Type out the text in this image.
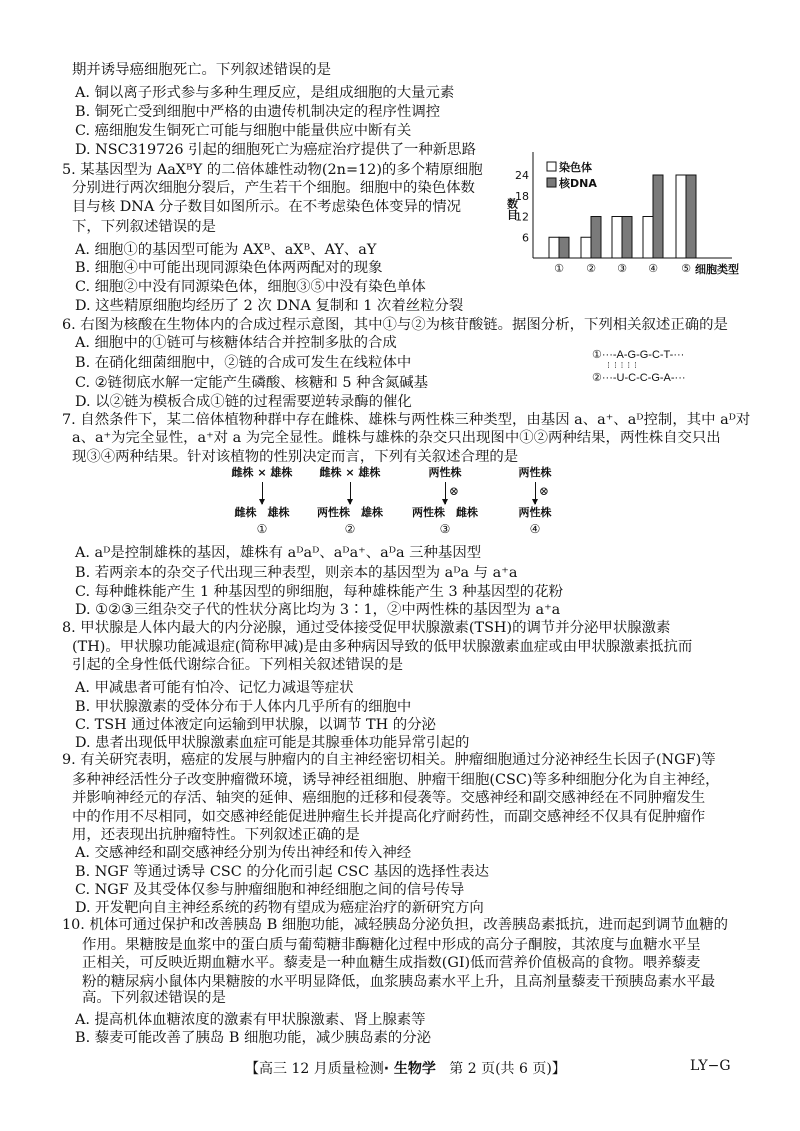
期并诱导癌细胞死亡。下列叙述错误的是
A. 铜以离子形式参与多种生理反应，是组成细胞的大量元素
B. 铜死亡受到细胞中严格的由遗传机制决定的程序性调控
C. 癌细胞发生铜死亡可能与细胞中能量供应中断有关
D. NSC319726 引起的细胞死亡为癌症治疗提供了一种新思路
5. 某基因型为 AaXᴮY 的二倍体雄性动物(2n=12)的多个精原细胞
分别进行两次细胞分裂后，产生若干个细胞。细胞中的染色体数
目与核 DNA 分子数目如图所示。在不考虑染色体变异的情况
下，下列叙述错误的是
A. 细胞①的基因型可能为 AXᴮ、aXᴮ、AY、aY
B. 细胞④中可能出现同源染色体两两配对的现象
C. 细胞②中没有同源染色体，细胞③⑤中没有染色单体
D. 这些精原细胞均经历了 2 次 DNA 复制和 1 次着丝粒分裂
6. 右图为核酸在生物体内的合成过程示意图，其中①与②为核苷酸链。据图分析，下列相关叙述正确的是
A. 细胞中的①链可与核糖体结合并控制多肽的合成
B. 在硝化细菌细胞中，②链的合成可发生在线粒体中
C. ②链彻底水解一定能产生磷酸、核糖和 5 种含氮碱基
D. 以②链为模板合成①链的过程需要逆转录酶的催化
7. 自然条件下，某二倍体植物种群中存在雌株、雄株与两性株三种类型，由基因 a、a⁺、aᴰ控制，其中 aᴰ对
a、a⁺为完全显性，a⁺对 a 为完全显性。雌株与雄株的杂交只出现图中①②两种结果，两性株自交只出
现③④两种结果。针对该植物的性别决定而言，下列有关叙述合理的是
A. aᴰ是控制雄株的基因，雄株有 aᴰaᴰ、aᴰa⁺、aᴰa 三种基因型
B. 若两亲本的杂交子代出现三种表型，则亲本的基因型为 aᴰa 与 a⁺a
C. 每种雌株能产生 1 种基因型的卵细胞，每种雄株能产生 3 种基因型的花粉
D. ①②③三组杂交子代的性状分离比均为 3∶1，②中两性株的基因型为 a⁺a
8. 甲状腺是人体内最大的内分泌腺，通过受体接受促甲状腺激素(TSH)的调节并分泌甲状腺激素
(TH)。甲状腺功能减退症(简称甲减)是由多种病因导致的低甲状腺激素血症或由甲状腺激素抵抗而
引起的全身性低代谢综合征。下列相关叙述错误的是
A. 甲减患者可能有怕冷、记忆力减退等症状
B. 甲状腺激素的受体分布于人体内几乎所有的细胞中
C. TSH 通过体液定向运输到甲状腺，以调节 TH 的分泌
D. 患者出现低甲状腺激素血症可能是其腺垂体功能异常引起的
9. 有关研究表明，癌症的发展与肿瘤内的自主神经密切相关。肿瘤细胞通过分泌神经生长因子(NGF)等
多种神经活性分子改变肿瘤微环境，诱导神经祖细胞、肿瘤干细胞(CSC)等多种细胞分化为自主神经，
并影响神经元的存活、轴突的延伸、癌细胞的迁移和侵袭等。交感神经和副交感神经在不同肿瘤发生
中的作用不尽相同，如交感神经能促进肿瘤生长并提高化疗耐药性，而副交感神经不仅具有促肿瘤作
用，还表现出抗肿瘤特性。下列叙述正确的是
A. 交感神经和副交感神经分别为传出神经和传入神经
B. NGF 等通过诱导 CSC 的分化而引起 CSC 基因的选择性表达
C. NGF 及其受体仅参与肿瘤细胞和神经细胞之间的信号传导
D. 开发靶向自主神经系统的药物有望成为癌症治疗的新研究方向
10. 机体可通过保护和改善胰岛 B 细胞功能，减轻胰岛分泌负担，改善胰岛素抵抗，进而起到调节血糖的
作用。果糖胺是血浆中的蛋白质与葡萄糖非酶糖化过程中形成的高分子酮胺，其浓度与血糖水平呈
正相关，可反映近期血糖水平。藜麦是一种血糖生成指数(GI)低而营养价值极高的食物。喂养藜麦
粉的糖尿病小鼠体内果糖胺的水平明显降低，血浆胰岛素水平上升，且高剂量藜麦干预胰岛素水平最
高。下列叙述错误的是
A. 提高机体血糖浓度的激素有甲状腺激素、肾上腺素等
B. 藜麦可能改善了胰岛 B 细胞功能，减少胰岛素的分泌
6
12
18
24
数目
① ② ③ ④ ⑤ 细胞类型
染色体
核DNA
①···-A-G-G-C-T-···
⁞  ⁞  ⁞  ⁞  ⁞
②···-U-C-C-G-A-···
雌株 × 雄株
雌株　雄株
①
雌株 × 雄株
两性株　雄株
②
两性株
⊗
两性株　雌株
③
两性株
⊗
两性株
④
【高三 12 月质量检测· 生物学 第 2 页(共 6 页)】	LY−G
